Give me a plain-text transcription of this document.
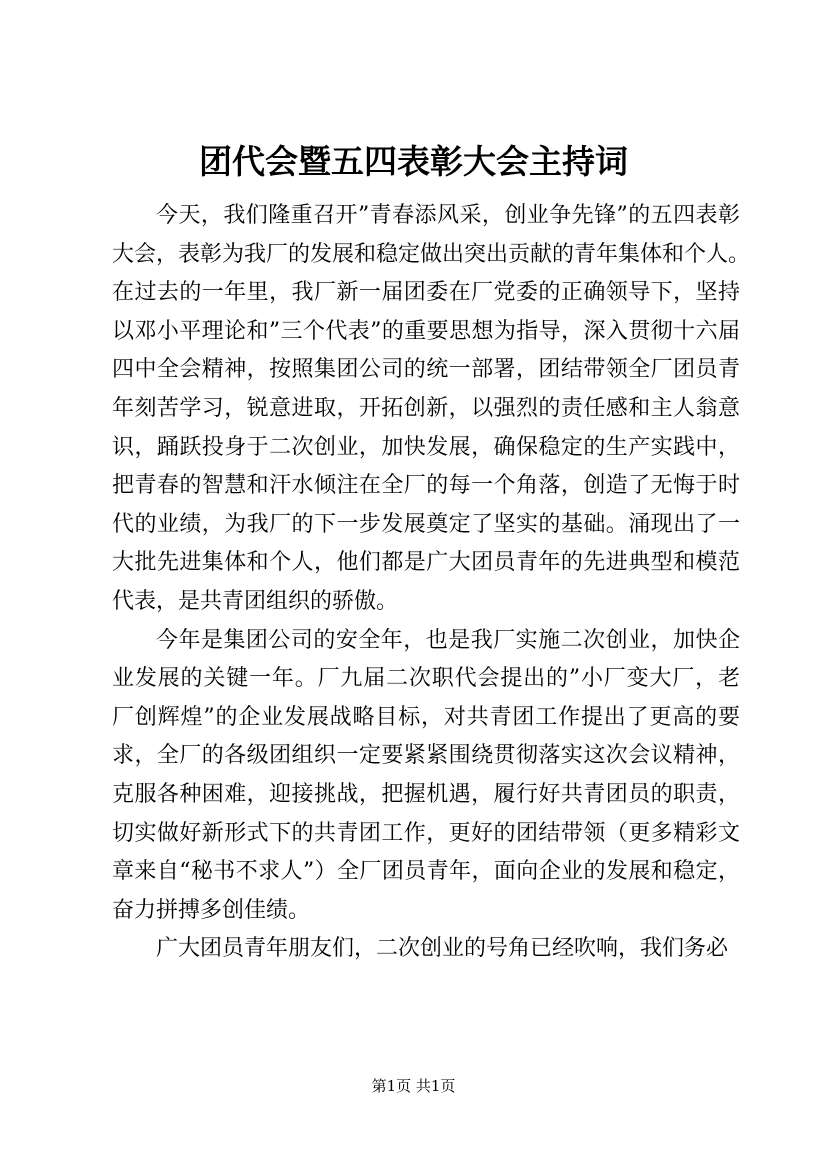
团代会暨五四表彰大会主持词
今天，我们隆重召开”青春添风采，创业争先锋”的五四表彰
大会，表彰为我厂的发展和稳定做出突出贡献的青年集体和个人。
在过去的一年里，我厂新一届团委在厂党委的正确领导下，坚持
以邓小平理论和”三个代表”的重要思想为指导，深入贯彻十六届
四中全会精神，按照集团公司的统一部署，团结带领全厂团员青
年刻苦学习，锐意进取，开拓创新，以强烈的责任感和主人翁意
识，踊跃投身于二次创业，加快发展，确保稳定的生产实践中，
把青春的智慧和汗水倾注在全厂的每一个角落，创造了无悔于时
代的业绩，为我厂的下一步发展奠定了坚实的基础。涌现出了一
大批先进集体和个人，他们都是广大团员青年的先进典型和模范
代表，是共青团组织的骄傲。
今年是集团公司的安全年，也是我厂实施二次创业，加快企
业发展的关键一年。厂九届二次职代会提出的”小厂变大厂，老
厂创辉煌”的企业发展战略目标，对共青团工作提出了更高的要
求，全厂的各级团组织一定要紧紧围绕贯彻落实这次会议精神，
克服各种困难，迎接挑战，把握机遇，履行好共青团员的职责，
切实做好新形式下的共青团工作，更好的团结带领（更多精彩文
章来自“秘书不求人”）全厂团员青年，面向企业的发展和稳定，
奋力拼搏多创佳绩。
广大团员青年朋友们，二次创业的号角已经吹响，我们务必
第1页 共1页
